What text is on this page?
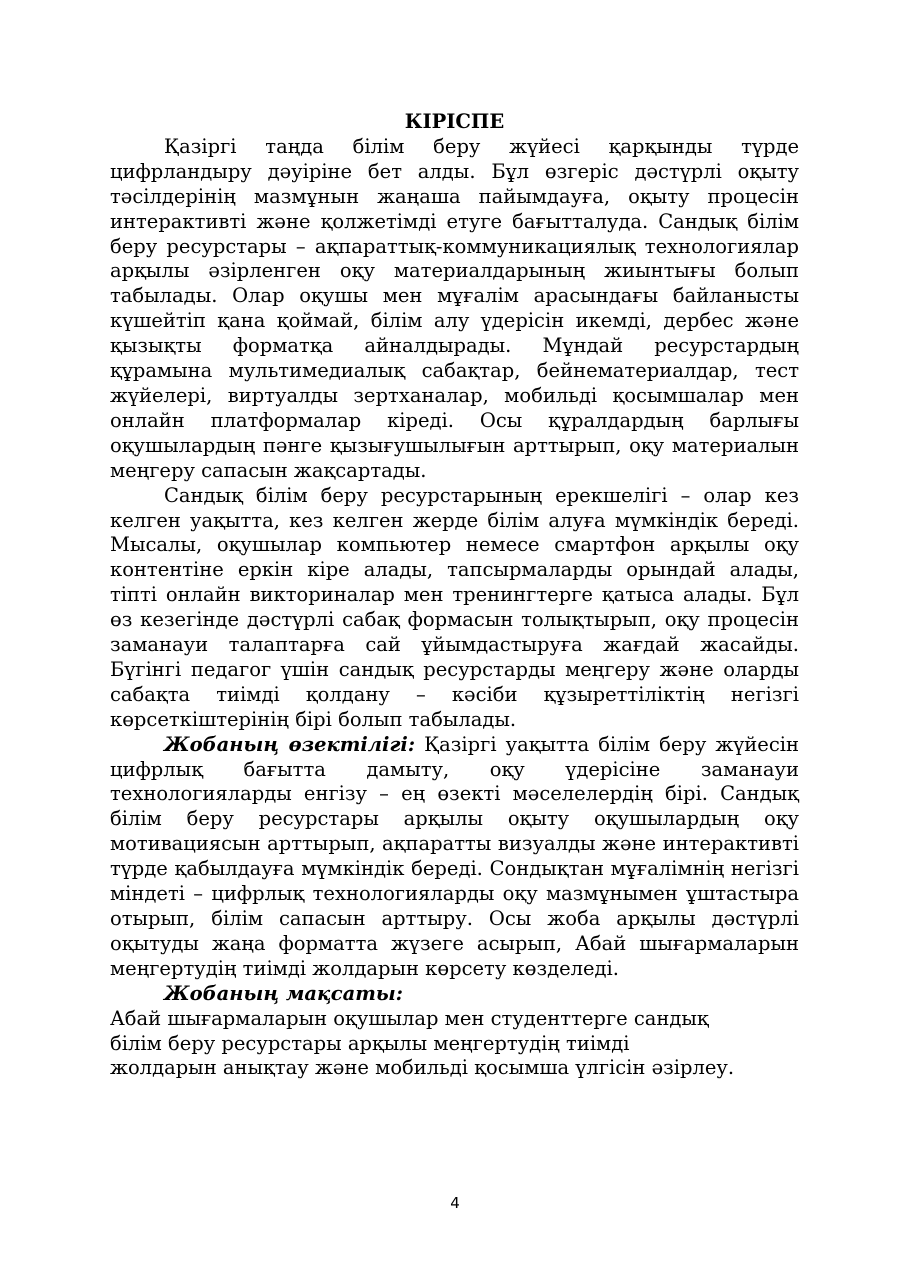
КІРІСПЕ

Қазіргі таңда білім беру жүйесі қарқынды түрде цифрландыру дәуіріне бет алды. Бұл өзгеріс дәстүрлі оқыту тәсілдерінің мазмұнын жаңаша пайымдауға, оқыту процесін интерактивті және қолжетімді етуге бағытталуда. Сандық білім беру ресурстары – ақпараттық-коммуникациялық технологиялар арқылы әзірленген оқу материалдарының жиынтығы болып табылады. Олар оқушы мен мұғалім арасындағы байланысты күшейтіп қана қоймай, білім алу үдерісін икемді, дербес және қызықты форматқа айналдырады. Мұндай ресурстардың құрамына мультимедиалық сабақтар, бейнематериалдар, тест жүйелері, виртуалды зертханалар, мобильді қосымшалар мен онлайн платформалар кіреді. Осы құралдардың барлығы оқушылардың пәнге қызығушылығын арттырып, оқу материалын меңгеру сапасын жақсартады.

Сандық білім беру ресурстарының ерекшелігі – олар кез келген уақытта, кез келген жерде білім алуға мүмкіндік береді. Мысалы, оқушылар компьютер немесе смартфон арқылы оқу контентіне еркін кіре алады, тапсырмаларды орындай алады, тіпті онлайн викториналар мен тренингтерге қатыса алады. Бұл өз кезегінде дәстүрлі сабақ формасын толықтырып, оқу процесін заманауи талаптарға сай ұйымдастыруға жағдай жасайды. Бүгінгі педагог үшін сандық ресурстарды меңгеру және оларды сабақта тиімді қолдану – кәсіби құзыреттіліктің негізгі көрсеткіштерінің бірі болып табылады.

Жобаның өзектілігі: Қазіргі уақытта білім беру жүйесін цифрлық бағытта дамыту, оқу үдерісіне заманауи технологияларды енгізу – ең өзекті мәселелердің бірі. Сандық білім беру ресурстары арқылы оқыту оқушылардың оқу мотивациясын арттырып, ақпаратты визуалды және интерактивті түрде қабылдауға мүмкіндік береді. Сондықтан мұғалімнің негізгі міндеті – цифрлық технологияларды оқу мазмұнымен ұштастыра отырып, білім сапасын арттыру. Осы жоба арқылы дәстүрлі оқытуды жаңа форматта жүзеге асырып, Абай шығармаларын меңгертудің тиімді жолдарын көрсету көзделеді.

Жобаның мақсаты:

Абай шығармаларын оқушылар мен студенттерге сандық
білім беру ресурстары арқылы меңгертудің тиімді
жолдарын анықтау және мобильді қосымша үлгісін әзірлеу.
4
